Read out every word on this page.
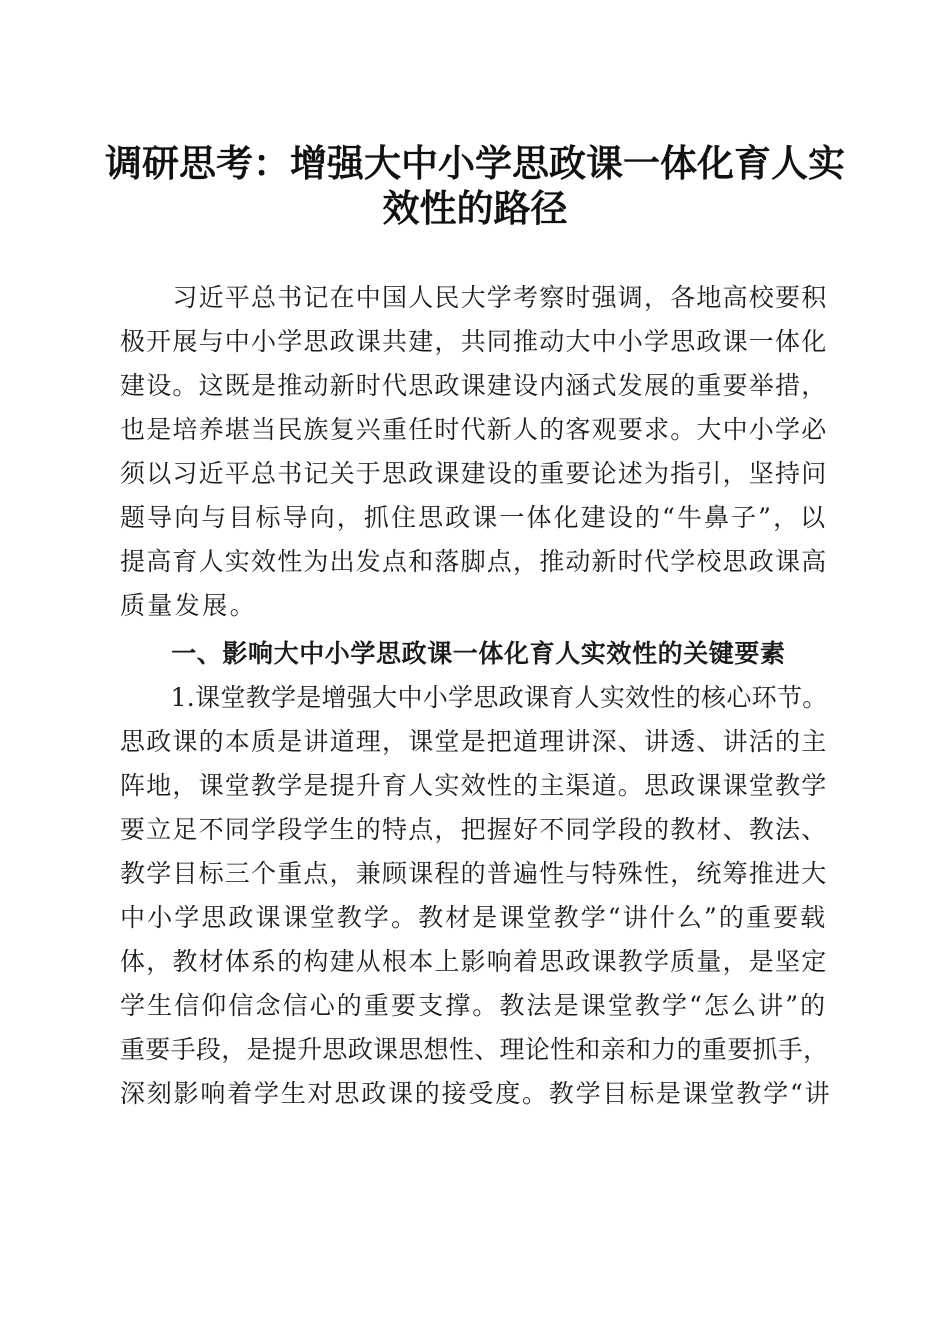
调研思考：增强大中小学思政课一体化育人实
效性的路径
　　习近平总书记在中国人民大学考察时强调，各地高校要积
极开展与中小学思政课共建，共同推动大中小学思政课一体化
建设。这既是推动新时代思政课建设内涵式发展的重要举措，
也是培养堪当民族复兴重任时代新人的客观要求。大中小学必
须以习近平总书记关于思政课建设的重要论述为指引，坚持问
题导向与目标导向，抓住思政课一体化建设的“牛鼻子”，以
提高育人实效性为出发点和落脚点，推动新时代学校思政课高
质量发展。
　　一、影响大中小学思政课一体化育人实效性的关键要素
　　1.课堂教学是增强大中小学思政课育人实效性的核心环节。
思政课的本质是讲道理，课堂是把道理讲深、讲透、讲活的主
阵地，课堂教学是提升育人实效性的主渠道。思政课课堂教学
要立足不同学段学生的特点，把握好不同学段的教材、教法、
教学目标三个重点，兼顾课程的普遍性与特殊性，统筹推进大
中小学思政课课堂教学。教材是课堂教学“讲什么”的重要载
体，教材体系的构建从根本上影响着思政课教学质量，是坚定
学生信仰信念信心的重要支撑。教法是课堂教学“怎么讲”的
重要手段，是提升思政课思想性、理论性和亲和力的重要抓手，
深刻影响着学生对思政课的接受度。教学目标是课堂教学“讲
